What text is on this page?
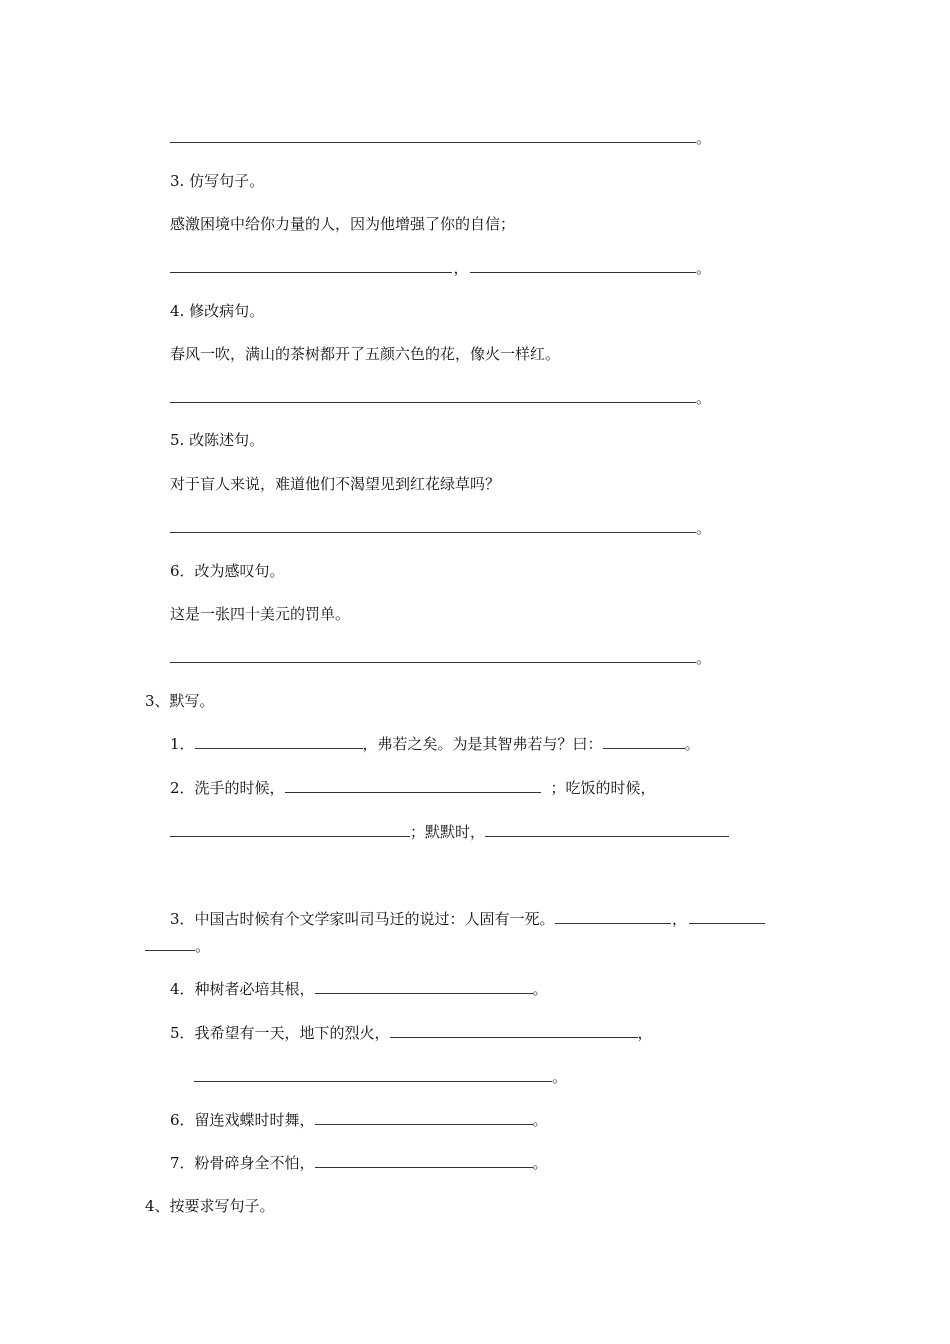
。
3. 仿写句子。
感激困境中给你力量的人，因为他增强了你的自信；
，	。
4. 修改病句。
春风一吹，满山的茶树都开了五颜六色的花，像火一样红。
。
5. 改陈述句。
对于盲人来说，难道他们不渴望见到红花绿草吗？
。
6．改为感叹句。
这是一张四十美元的罚单。
。
3、默写。
1．	，弗若之矣。为是其智弗若与？曰：	。
2．洗手的时候，	；吃饭的时候，
；默默时，
3．中国古时候有个文学家叫司马迁的说过：人固有一死。	，
。
4．种树者必培其根，	。
5．我希望有一天，地下的烈火，	，
。
6．留连戏蝶时时舞，	。
7．粉骨碎身全不怕，	。
4、按要求写句子。
